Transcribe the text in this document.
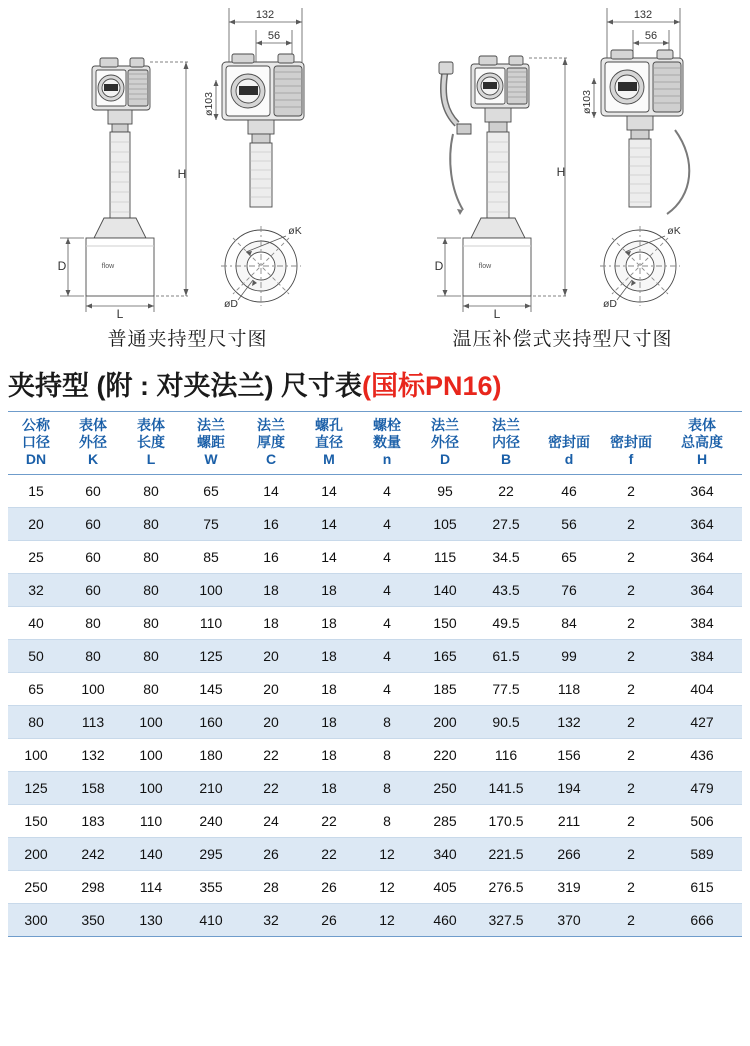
132
56
ø103
H
D
L
øK
øD
flow
132
56
ø103
H
D
L
øK
øD
flow
普通夹持型尺寸图	温压补偿式夹持型尺寸图
夹持型 (附 : 对夹法兰) 尺寸表(国标PN16)
公称
口径
DN	表体
外径
K	表体
长度
L	法兰
螺距
W	法兰
厚度
C	螺孔
直径
M	螺栓
数量
n	法兰
外径
D	法兰
内径
B	密封面
d	密封面
f	表体
总高度
H

15	60	80	65	14	14	4	95	22	46	2	364
20	60	80	75	16	14	4	105	27.5	56	2	364
25	60	80	85	16	14	4	115	34.5	65	2	364
32	60	80	100	18	18	4	140	43.5	76	2	364
40	80	80	110	18	18	4	150	49.5	84	2	384
50	80	80	125	20	18	4	165	61.5	99	2	384
65	100	80	145	20	18	4	185	77.5	118	2	404
80	113	100	160	20	18	8	200	90.5	132	2	427
100	132	100	180	22	18	8	220	116	156	2	436
125	158	100	210	22	18	8	250	141.5	194	2	479
150	183	110	240	24	22	8	285	170.5	211	2	506
200	242	140	295	26	22	12	340	221.5	266	2	589
250	298	114	355	28	26	12	405	276.5	319	2	615
300	350	130	410	32	26	12	460	327.5	370	2	666
